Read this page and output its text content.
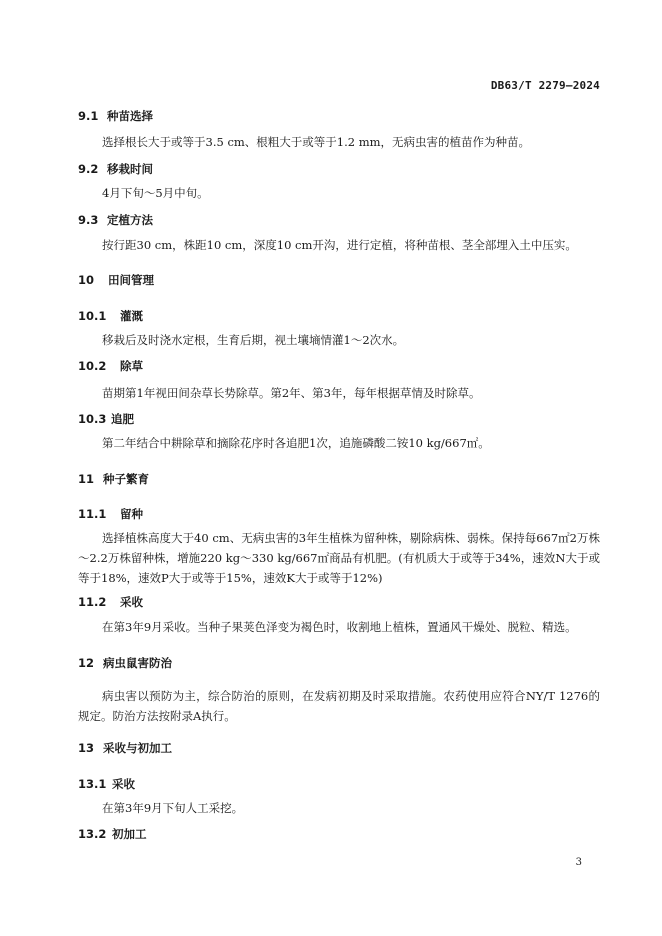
DB63/T 2279—2024
9.1 种苗选择
选择根长大于或等于3.5 cm、根粗大于或等于1.2 mm，无病虫害的植苗作为种苗。
9.2 移栽时间
4月下旬～5月中旬。
9.3 定植方法
按行距30 cm，株距10 cm，深度10 cm开沟，进行定植，将种苗根、茎全部埋入土中压实。
10 田间管理
10.1 灌溉
移栽后及时浇水定根，生育后期，视土壤墒情灌1～2次水。
10.2 除草
苗期第1年视田间杂草长势除草。第2年、第3年，每年根据草情及时除草。
10.3 追肥
第二年结合中耕除草和摘除花序时各追肥1次，追施磷酸二铵10 kg/667㎡。
11 种子繁育
11.1 留种
选择植株高度大于40 cm、无病虫害的3年生植株为留种株，剔除病株、弱株。保持每667㎡2万株～2.2万株留种株，增施220 kg～330 kg/667㎡商品有机肥。(有机质大于或等于34%，速效N大于或等于18%，速效P大于或等于15%，速效K大于或等于12%)
11.2 采收
在第3年9月采收。当种子果荚色泽变为褐色时，收割地上植株，置通风干燥处、脱粒、精选。
12 病虫鼠害防治
病虫害以预防为主，综合防治的原则，在发病初期及时采取措施。农药使用应符合NY/T 1276的规定。防治方法按附录A执行。
13 采收与初加工
13.1 采收
在第3年9月下旬人工采挖。
13.2 初加工
3
